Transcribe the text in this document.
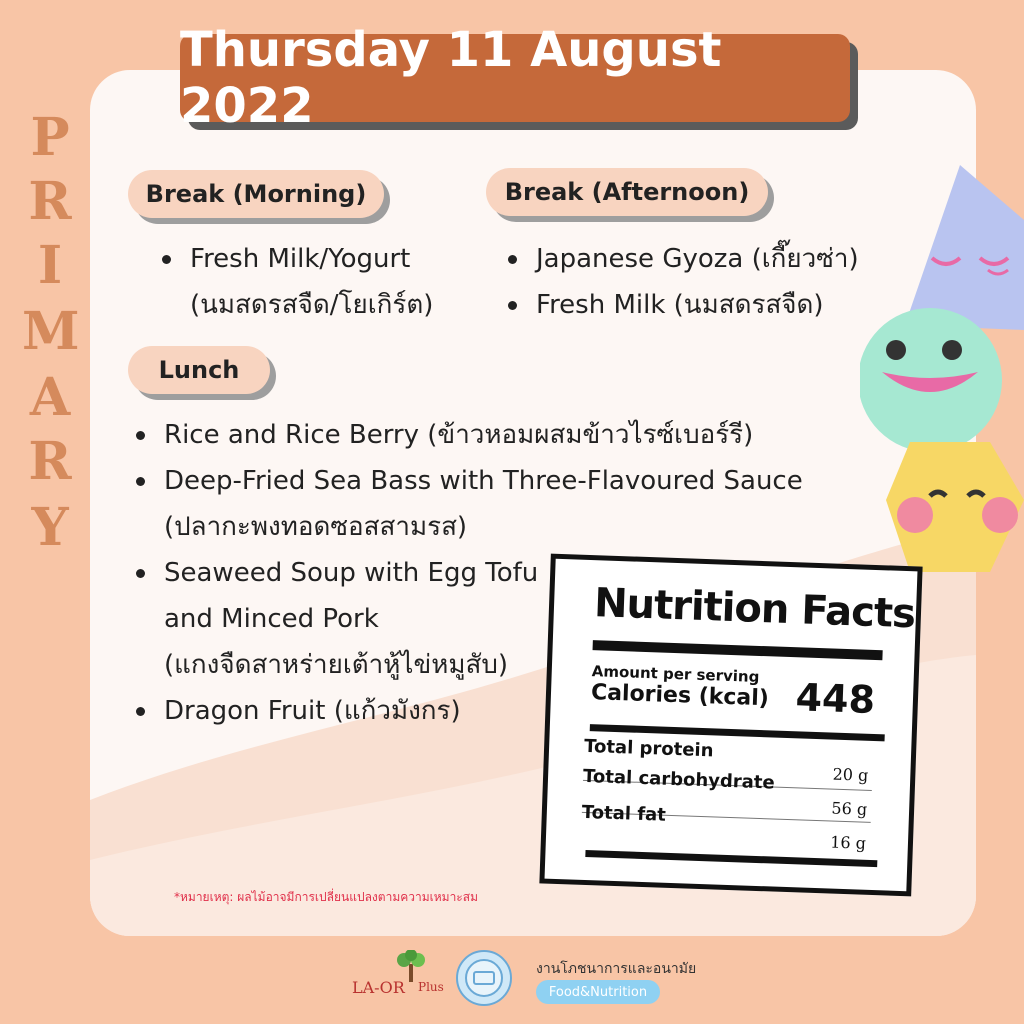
P
R
I
M
A
R
Y
Thursday 11 August 2022
Break (Morning)
Fresh Milk/Yogurt
(นมสดรสจืด/โยเกิร์ต)
Break (Afternoon)
Japanese Gyoza (เกี๊ยวซ่า)
Fresh Milk (นมสดรสจืด)
Lunch
Rice and Rice Berry (ข้าวหอมผสมข้าวไรซ์เบอร์รี)
Deep-Fried Sea Bass with Three-Flavoured Sauce
(ปลากะพงทอดซอสสามรส)
Seaweed Soup with Egg Tofu
and Minced Pork
(แกงจืดสาหร่ายเต้าหู้ไข่หมูสับ)
Dragon Fruit (แก้วมังกร)
Nutrition Facts
Amount per serving
Calories (kcal) 448
Total protein
20 g
Total carbohydrate
56 g
Total fat
16 g
*หมายเหตุ: ผลไม้อาจมีการเปลี่ยนแปลงตามความเหมาะสม
LA-OR Plus
งานโภชนาการและอนามัย
Food&Nutrition
